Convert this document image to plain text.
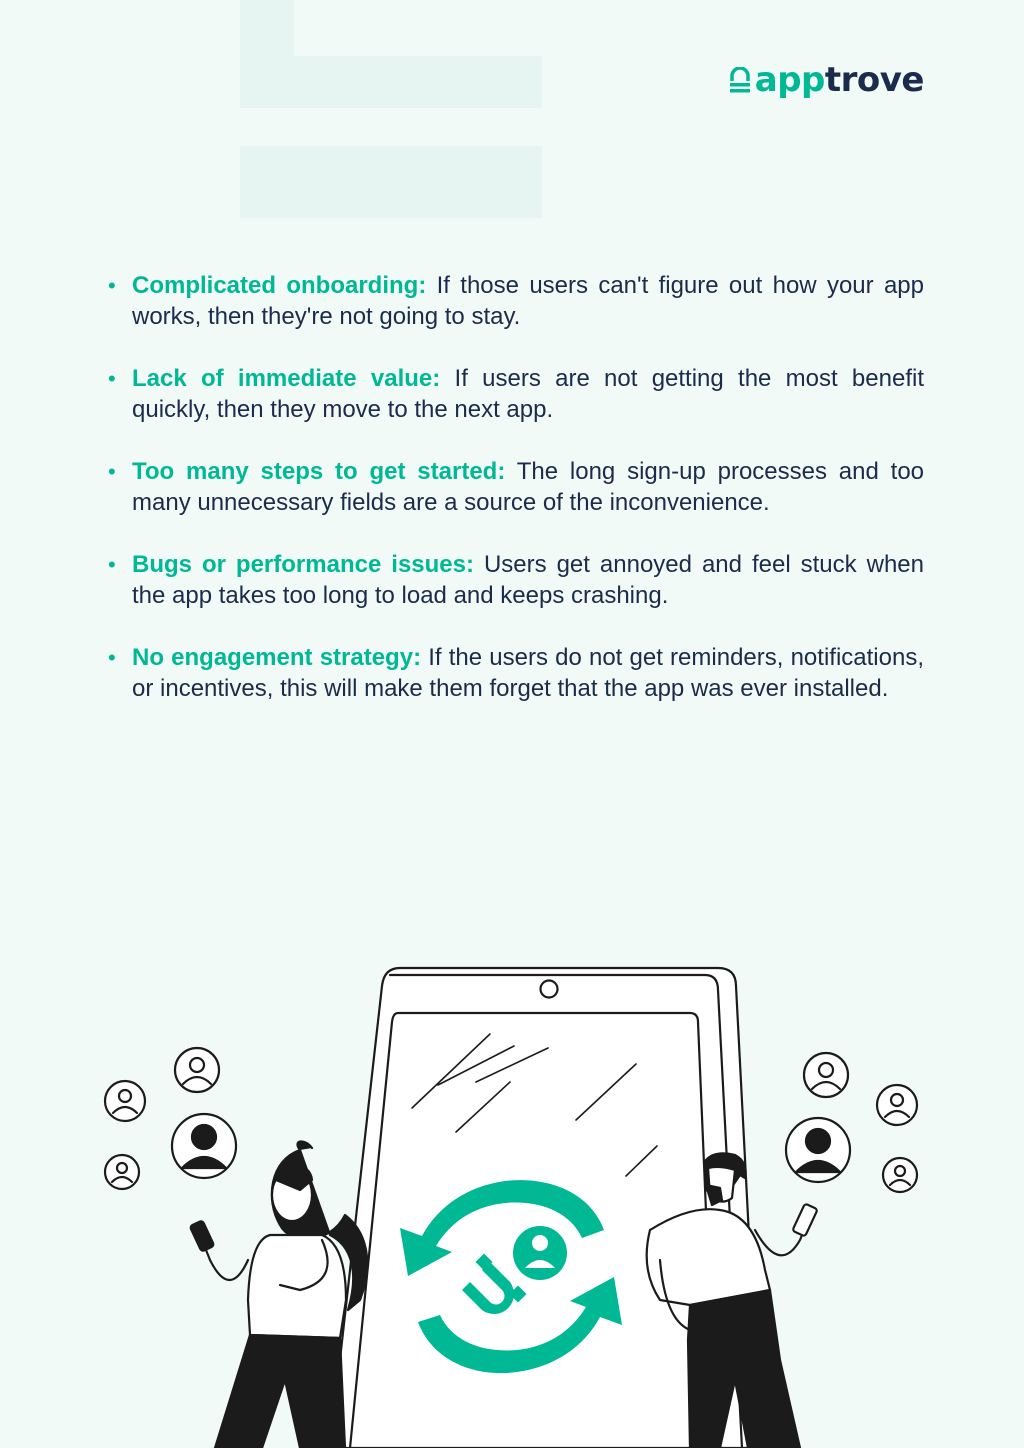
app trove
• Complicated onboarding: If those users can't figure out how your app works, then they're not going to stay.
• Lack of immediate value: If users are not getting the most benefit quickly, then they move to the next app.
• Too many steps to get started: The long sign-up processes and too many unnecessary fields are a source of the inconvenience.
• Bugs or performance issues: Users get annoyed and feel stuck when the app takes too long to load and keeps crashing.
• No engagement strategy: If the users do not get reminders, notifications, or incentives, this will make them forget that the app was ever installed.
